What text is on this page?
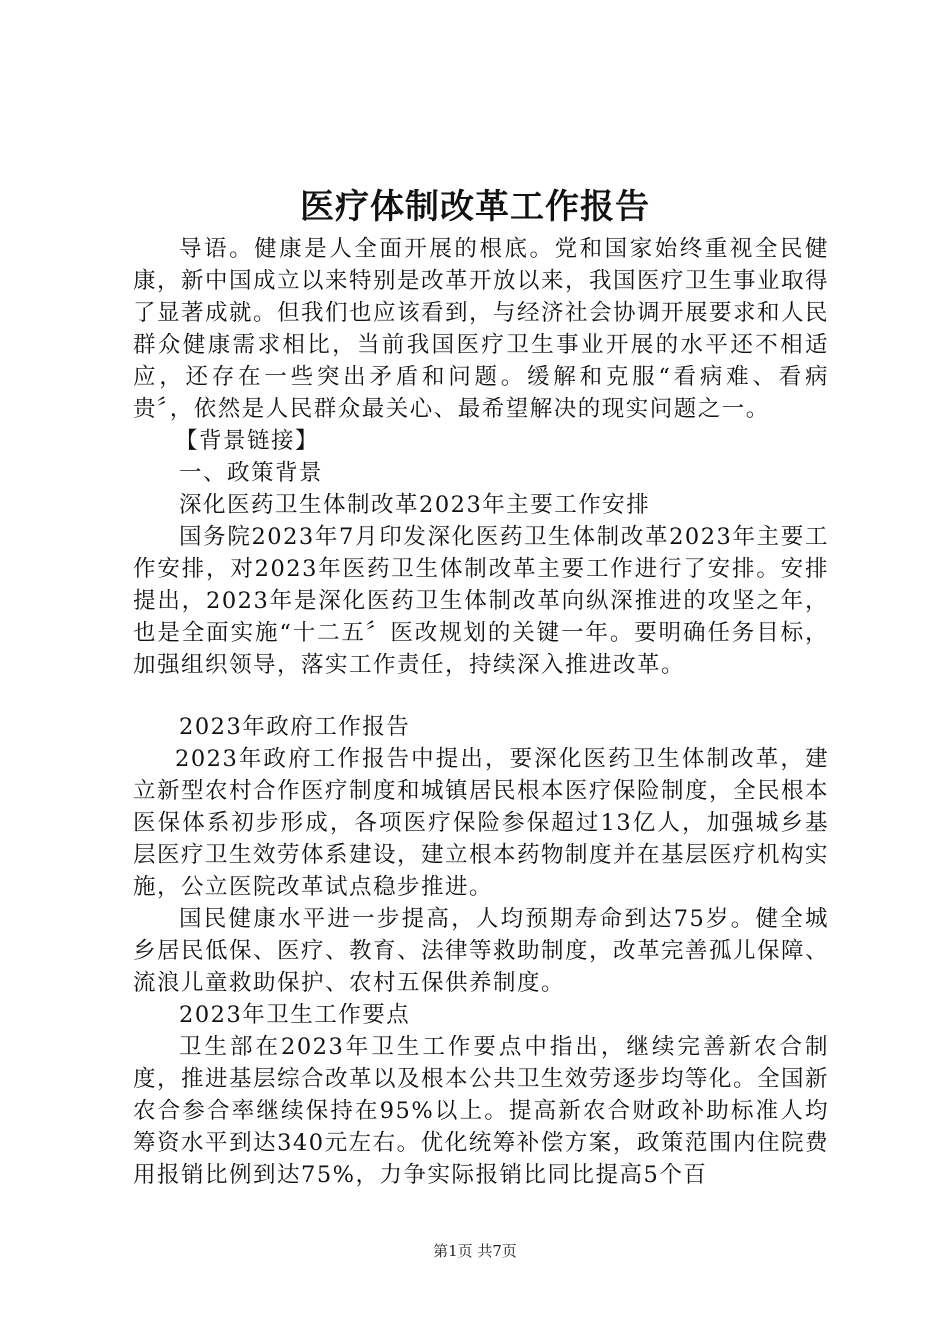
医疗体制改革工作报告

导语。健康是人全面开展的根底。党和国家始终重视全民健康，新中国成立以来特别是改革开放以来，我国医疗卫生事业取得了显著成就。但我们也应该看到，与经济社会协调开展要求和人民群众健康需求相比，当前我国医疗卫生事业开展的水平还不相适应，还存在一些突出矛盾和问题。缓解和克服“看病难、看病贵〞，依然是人民群众最关心、最希望解决的现实问题之一。

【背景链接】

一、政策背景

深化医药卫生体制改革2023年主要工作安排

国务院2023年7月印发深化医药卫生体制改革2023年主要工作安排，对2023年医药卫生体制改革主要工作进行了安排。安排提出，2023年是深化医药卫生体制改革向纵深推进的攻坚之年，也是全面实施“十二五〞医改规划的关键一年。要明确任务目标，加强组织领导，落实工作责任，持续深入推进改革。

2023年政府工作报告

2023年政府工作报告中提出，要深化医药卫生体制改革，建立新型农村合作医疗制度和城镇居民根本医疗保险制度，全民根本医保体系初步形成，各项医疗保险参保超过13亿人，加强城乡基层医疗卫生效劳体系建设，建立根本药物制度并在基层医疗机构实施，公立医院改革试点稳步推进。

国民健康水平进一步提高，人均预期寿命到达75岁。健全城乡居民低保、医疗、教育、法律等救助制度，改革完善孤儿保障、流浪儿童救助保护、农村五保供养制度。

2023年卫生工作要点

卫生部在2023年卫生工作要点中指出，继续完善新农合制度，推进基层综合改革以及根本公共卫生效劳逐步均等化。全国新农合参合率继续保持在95%以上。提高新农合财政补助标准人均筹资水平到达340元左右。优化统筹补偿方案，政策范围内住院费用报销比例到达75%，力争实际报销比同比提高5个百

第1页 共7页
